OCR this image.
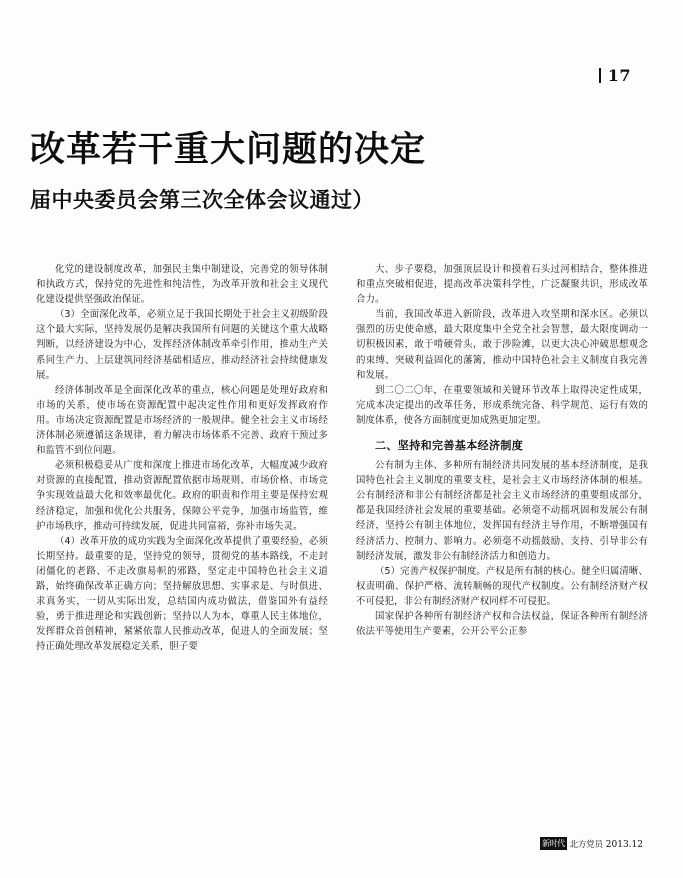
17
改革若干重大问题的决定
届中央委员会第三次全体会议通过）

化党的建设制度改革，加强民主集中制建设，完善党的领导体制和执政方式，保持党的先进性和纯洁性，为改革开放和社会主义现代化建设提供坚强政治保证。

（3）全面深化改革，必须立足于我国长期处于社会主义初级阶段这个最大实际，坚持发展仍是解决我国所有问题的关键这个重大战略判断，以经济建设为中心，发挥经济体制改革牵引作用，推动生产关系同生产力、上层建筑同经济基础相适应，推动经济社会持续健康发展。

经济体制改革是全面深化改革的重点，核心问题是处理好政府和市场的关系，使市场在资源配置中起决定性作用和更好发挥政府作用。市场决定资源配置是市场经济的一般规律。健全社会主义市场经济体制必须遵循这条规律，着力解决市场体系不完善、政府干预过多和监管不到位问题。

必须积极稳妥从广度和深度上推进市场化改革，大幅度减少政府对资源的直接配置，推动资源配置依据市场规则、市场价格、市场竞争实现效益最大化和效率最优化。政府的职责和作用主要是保持宏观经济稳定，加强和优化公共服务，保障公平竞争，加强市场监管，维护市场秩序，推动可持续发展，促进共同富裕，弥补市场失灵。

（4）改革开放的成功实践为全面深化改革提供了重要经验，必须长期坚持。最重要的是，坚持党的领导，贯彻党的基本路线，不走封闭僵化的老路、不走改旗易帜的邪路，坚定走中国特色社会主义道路，始终确保改革正确方向；坚持解放思想、实事求是、与时俱进、求真务实，一切从实际出发，总结国内成功做法，借鉴国外有益经验，勇于推进理论和实践创新；坚持以人为本，尊重人民主体地位，发挥群众首创精神，紧紧依靠人民推动改革，促进人的全面发展；坚持正确处理改革发展稳定关系，胆子要

大、步子要稳，加强顶层设计和摸着石头过河相结合，整体推进和重点突破相促进，提高改革决策科学性，广泛凝聚共识，形成改革合力。

当前，我国改革进入新阶段，改革进入攻坚期和深水区。必须以强烈的历史使命感，最大限度集中全党全社会智慧，最大限度调动一切积极因素，敢于啃硬骨头，敢于涉险滩，以更大决心冲破思想观念的束缚、突破利益固化的藩篱，推动中国特色社会主义制度自我完善和发展。

到二〇二〇年，在重要领域和关键环节改革上取得决定性成果，完成本决定提出的改革任务，形成系统完备、科学规范、运行有效的制度体系，使各方面制度更加成熟更加定型。

二、坚持和完善基本经济制度

公有制为主体、多种所有制经济共同发展的基本经济制度，是我国特色社会主义制度的重要支柱，是社会主义市场经济体制的根基。公有制经济和非公有制经济都是社会主义市场经济的重要组成部分，都是我国经济社会发展的重要基础。必须毫不动摇巩固和发展公有制经济，坚持公有制主体地位，发挥国有经济主导作用，不断增强国有经济活力、控制力、影响力。必须毫不动摇鼓励、支持、引导非公有制经济发展，激发非公有制经济活力和创造力。

（5）完善产权保护制度。产权是所有制的核心。健全归属清晰、权责明确、保护严格、流转顺畅的现代产权制度。公有制经济财产权不可侵犯，非公有制经济财产权同样不可侵犯。

国家保护各种所有制经济产权和合法权益，保证各种所有制经济依法平等使用生产要素，公开公平公正参

新时代 北方党员 2013.12
